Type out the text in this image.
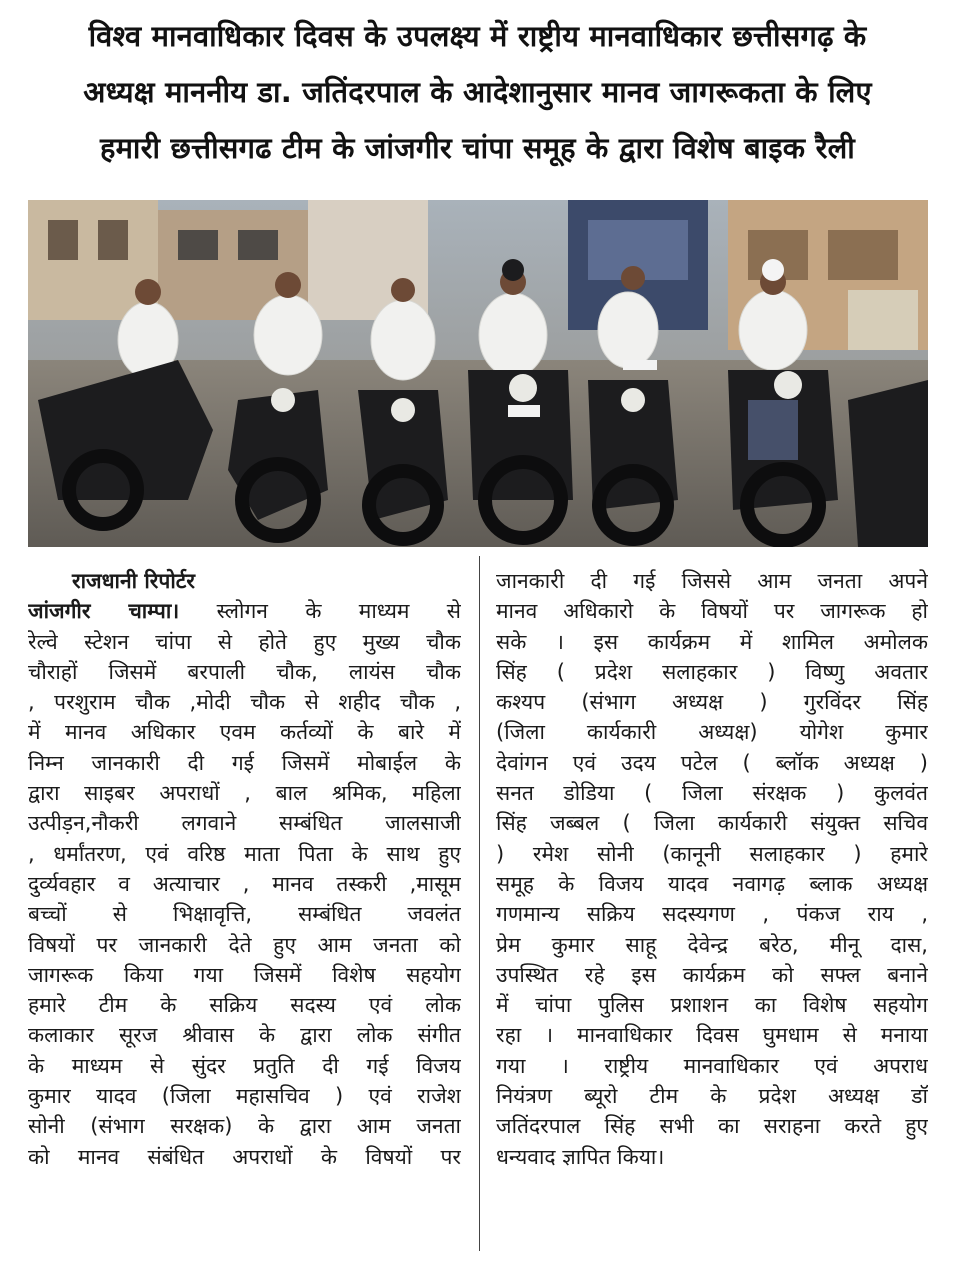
विश्व मानवाधिकार दिवस के उपलक्ष्य में राष्ट्रीय मानवाधिकार छत्तीसगढ़ के
अध्यक्ष माननीय डा. जतिंदरपाल के आदेशानुसार मानव जागरूकता के लिए
हमारी छत्तीसगढ टीम के जांजगीर चांपा समूह के द्वारा विशेष बाइक रैली
राजधानी रिपोर्टर
जांजगीर चाम्पा। स्लोगन के माध्यम से
रेल्वे स्टेशन चांपा से होते हुए मुख्य चौक
चौराहों जिसमें बरपाली चौक, लायंस चौक
, परशुराम चौक ,मोदी चौक से शहीद चौक ,
में मानव अधिकार एवम कर्तव्यों के बारे में
निम्न जानकारी दी गई जिसमें मोबाईल के
द्वारा साइबर अपराधों , बाल श्रमिक, महिला
उत्पीड़न,नौकरी लगवाने सम्बंधित जालसाजी
, धर्मांतरण, एवं वरिष्ठ माता पिता के साथ हुए
दुर्व्यवहार व अत्याचार , मानव तस्करी ,मासूम
बच्चों से भिक्षावृत्ति, सम्बंधित जवलंत
विषयों पर जानकारी देते हुए आम जनता को
जागरूक किया गया जिसमें विशेष सहयोग
हमारे टीम के सक्रिय सदस्य एवं लोक
कलाकार सूरज श्रीवास के द्वारा लोक संगीत
के माध्यम से सुंदर प्रतुति दी गई विजय
कुमार यादव (जिला महासचिव ) एवं राजेश
सोनी (संभाग सरक्षक) के द्वारा आम जनता
को मानव संबंधित अपराधों के विषयों पर
जानकारी दी गई जिससे आम जनता अपने
मानव अधिकारो के विषयों पर जागरूक हो
सके । इस कार्यक्रम में शामिल अमोलक
सिंह ( प्रदेश सलाहकार ) विष्णु अवतार
कश्यप (संभाग अध्यक्ष ) गुरविंदर सिंह
(जिला कार्यकारी अध्यक्ष) योगेश कुमार
देवांगन एवं उदय पटेल ( ब्लॉक अध्यक्ष )
सनत डोडिया ( जिला संरक्षक ) कुलवंत
सिंह जब्बल ( जिला कार्यकारी संयुक्त सचिव
) रमेश सोनी (कानूनी सलाहकार ) हमारे
समूह के विजय यादव नवागढ़ ब्लाक अध्यक्ष
गणमान्य सक्रिय सदस्यगण , पंकज राय ,
प्रेम कुमार साहू देवेन्द्र बरेठ, मीनू दास,
उपस्थित रहे इस कार्यक्रम को सफ्ल बनाने
में चांपा पुलिस प्रशाशन का विशेष सहयोग
रहा । मानवाधिकार दिवस घुमधाम से मनाया
गया । राष्ट्रीय मानवाधिकार एवं अपराध
नियंत्रण ब्यूरो टीम के प्रदेश अध्यक्ष डॉ
जतिंदरपाल सिंह सभी का सराहना करते हुए
धन्यवाद ज्ञापित किया।
